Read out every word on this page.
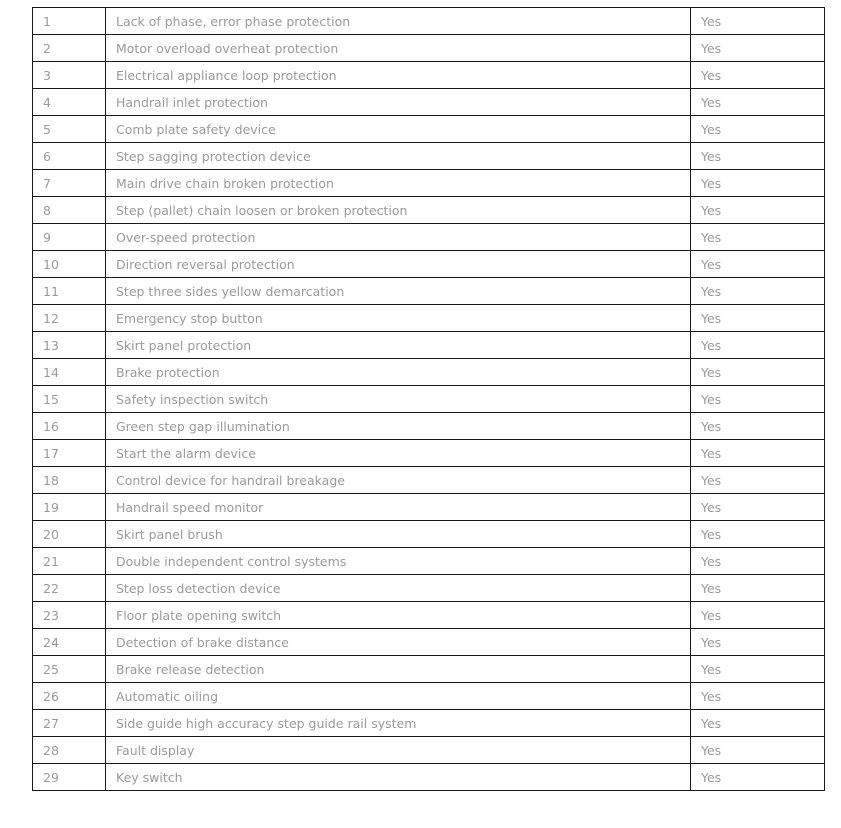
1	Lack of phase, error phase protection	Yes
2	Motor overload overheat protection	Yes
3	Electrical appliance loop protection	Yes
4	Handrail inlet protection	Yes
5	Comb plate safety device	Yes
6	Step sagging protection device	Yes
7	Main drive chain broken protection	Yes
8	Step (pallet) chain loosen or broken protection	Yes
9	Over-speed protection	Yes
10	Direction reversal protection	Yes
11	Step three sides yellow demarcation	Yes
12	Emergency stop button	Yes
13	Skirt panel protection	Yes
14	Brake protection	Yes
15	Safety inspection switch	Yes
16	Green step gap illumination	Yes
17	Start the alarm device	Yes
18	Control device for handrail breakage	Yes
19	Handrail speed monitor	Yes
20	Skirt panel brush	Yes
21	Double independent control systems	Yes
22	Step loss detection device	Yes
23	Floor plate opening switch	Yes
24	Detection of brake distance	Yes
25	Brake release detection	Yes
26	Automatic oiling	Yes
27	Side guide high accuracy step guide rail system	Yes
28	Fault display	Yes
29	Key switch	Yes
